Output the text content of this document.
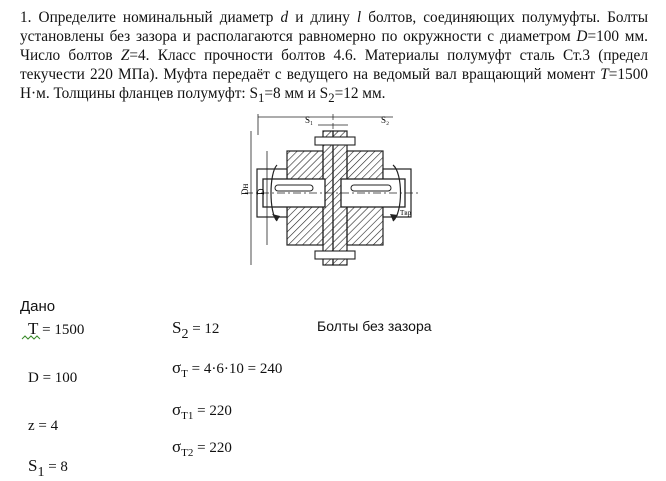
1. Определите номинальный диаметр d и длину l болтов, соединяющих полумуфты. Болты установлены без зазора и располагаются равномерно по окружности с диаметром D=100 мм. Число болтов Z=4. Класс прочности болтов 4.6. Материалы полумуфт сталь Ст.3 (предел текучести 220 МПа). Муфта передаёт с ведущего на ведомый вал вращающий момент T=1500 Н·м. Толщины фланцев полумуфт: $S_1=8$ мм и $S_2=12$ мм.

S₁	S₂
Tвр
Dн D
Дано
T = 1500
D = 100
z = 4
$S_1 = 8$
$S_2 = 12$
$\sigma_T = 4\cdot 6\cdot 10 = 240$
$\sigma_{T1} = 220$
$\sigma_{T2} = 220$
Болты без зазора
